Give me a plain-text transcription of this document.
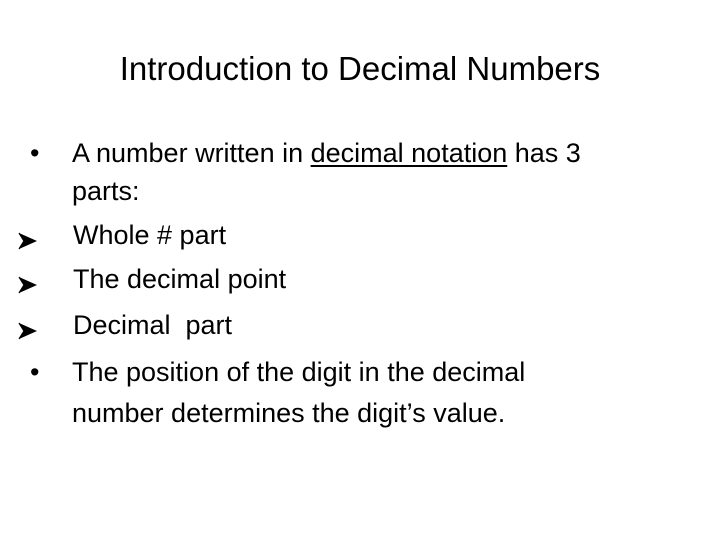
Introduction to Decimal Numbers
• A number written in decimal notation has 3
parts:
Whole # part
The decimal point
Decimal  part
• The position of the digit in the decimal
number determines the digit’s value.
